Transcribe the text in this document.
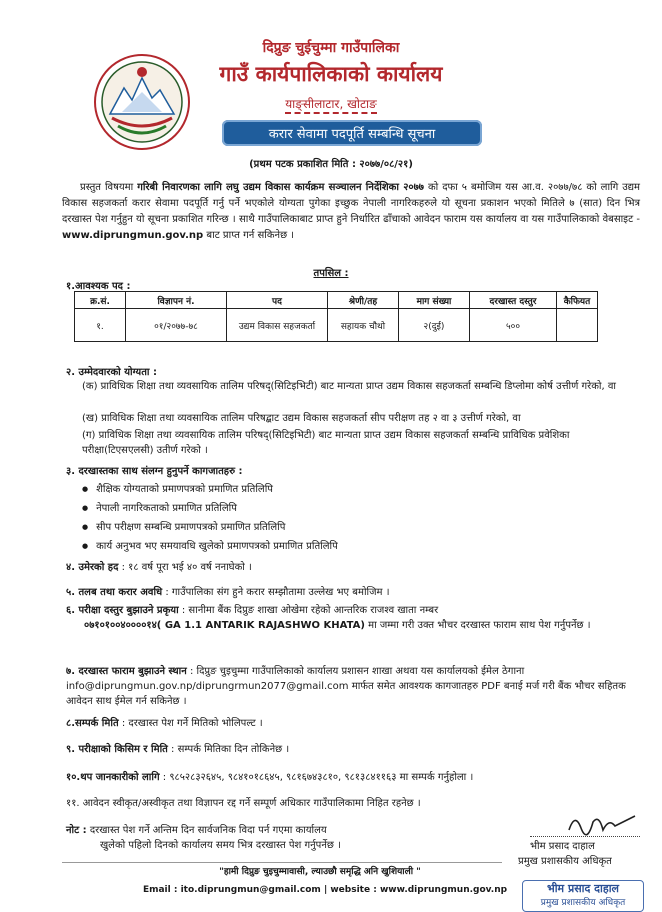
दिप्रुङ चुईचुम्मा गाउँपालिका
गाउँ कार्यपालिकाको कार्यालय
याङ्सीलाटार, खोटाङ
करार सेवामा पदपूर्ति सम्बन्धि सूचना
(प्रथम पटक प्रकाशित मिति : २०७७/०८/२१)
प्रस्तुत विषयमा गरिबी निवारणका लागि लघु उद्यम विकास कार्यक्रम सञ्चालन निर्देशिका २०७७ को दफा ५ बमोजिम यस आ.व. २०७७/७८ को लागि उद्यम विकास सहजकर्ता करार सेवामा पदपूर्ति गर्नु पर्ने भएकोले योग्यता पुगेका इच्छुक नेपाली नागरिकहरुले यो सूचना प्रकाशन भएको मितिले ७ (सात) दिन भित्र दरखास्त पेश गर्नुहुन यो सूचना प्रकाशित गरिन्छ । साथै गाउँपालिकाबाट प्राप्त हुने निर्धारित ढाँचाको आवेदन फाराम यस कार्यालय वा यस गाउँपालिकाको वेबसाइट - www.diprungmun.gov.np बाट प्राप्त गर्न सकिनेछ ।
तपसिल :
१.आवश्यक पद :
क्र.सं.	विज्ञापन नं.	पद	श्रेणी/तह	माग संख्या	दरखास्त दस्तुर	कैफियत
१.	०१/२०७७-७८	उद्यम विकास सहजकर्ता	सहायक चौथो	२(दुई)	५००	
२. उम्मेदवारको योग्यता :
(क) प्राविधिक शिक्षा तथा व्यवसायिक तालिम परिषद्(सिटिइभिटी) बाट मान्यता प्राप्त उद्यम विकास सहजकर्ता सम्बन्धि डिप्लोमा कोर्ष उत्तीर्ण गरेको, वा
(ख) प्राविधिक शिक्षा तथा व्यवसायिक तालिम परिषद्बाट उद्यम विकास सहजकर्ता सीप परीक्षण तह २ वा ३ उत्तीर्ण गरेको, वा
(ग) प्राविधिक शिक्षा तथा व्यवसायिक तालिम परिषद्(सिटिइभिटी) बाट मान्यता प्राप्त उद्यम विकास सहजकर्ता सम्बन्धि प्राविधिक प्रवेशिका परीक्षा(टिएसएलसी) उतीर्ण गरेको ।
३. दरखास्तका साथ संलग्न हुनुपर्ने कागजातहरु :
● शैक्षिक योग्यताको प्रमाणपत्रको प्रमाणित प्रतिलिपि
● नेपाली नागरिकताको प्रमाणित प्रतिलिपि
● सीप परीक्षण सम्बन्धि प्रमाणपत्रको प्रमाणित प्रतिलिपि
● कार्य अनुभव भए समयावधि खुलेको प्रमाणपत्रको प्रमाणित प्रतिलिपि
४. उमेरको हद : १८ वर्ष पूरा भई ४० वर्ष ननाघेको ।
५. तलब तथा करार अवधि : गाउँपालिका संग हुने करार सम्झौतामा उल्लेख भए बमोजिम ।
६. परीक्षा दस्तुर बुझाउने प्रकृया : सानीमा बैंक दिप्रुङ शाखा ओखेमा रहेको आन्तरिक राजश्व खाता नम्बर
०७१०१००४००००१४( GA 1.1 ANTARIK RAJASHWO KHATA) मा जम्मा गरी उक्त भौचर दरखास्त फाराम साथ पेश गर्नुपर्नेछ ।
७. दरखास्त फाराम बुझाउने स्थान : दिप्रुङ चुइचुम्मा गाउँपालिकाको कार्यालय प्रशासन शाखा अथवा यस कार्यालयको ईमेल ठेगाना info@diprungmun.gov.np/diprungrmun2077@gmail.com मार्फत समेत आवश्यक कागजातहरु PDF बनाई मर्ज गरी बैंक भौचर सहितक आवेदन साथ ईमेल गर्न सकिनेछ ।
८.सम्पर्क मिति : दरखास्त पेश गर्ने मितिको भोलिपल्ट ।
९. परीक्षाको किसिम र मिति : सम्पर्क मितिका दिन तोकिनेछ ।
१०.थप जानकारीको लागि : ९८५२८३२६४५, ९८४१०१८६४५, ९८१६७४३८१०, ९८१३८४११६३ मा सम्पर्क गर्नुहोला ।
११. आवेदन स्वीकृत/अस्वीकृत तथा विज्ञापन रद्द गर्ने सम्पूर्ण अधिकार गाउँपालिकामा निहित रहनेछ ।
नोट : दरखास्त पेश गर्ने अन्तिम दिन सार्वजनिक विदा पर्न गएमा कार्यालय
खुलेको पहिलो दिनको कार्यालय समय भित्र दरखास्त पेश गर्नुपर्नेछ ।	भीम प्रसाद दाहाल
प्रमुख प्रशासकीय अधिकृत
"हामी दिप्रुङ चुइचुम्मावासी, ल्याउछौ समृद्धि अनि खुशियाली "
Email : ito.diprungmun@gmail.com | website : www.diprungmun.gov.np	भीम प्रसाद दाहाल
प्रमुख प्रशासकीय अधिकृत
